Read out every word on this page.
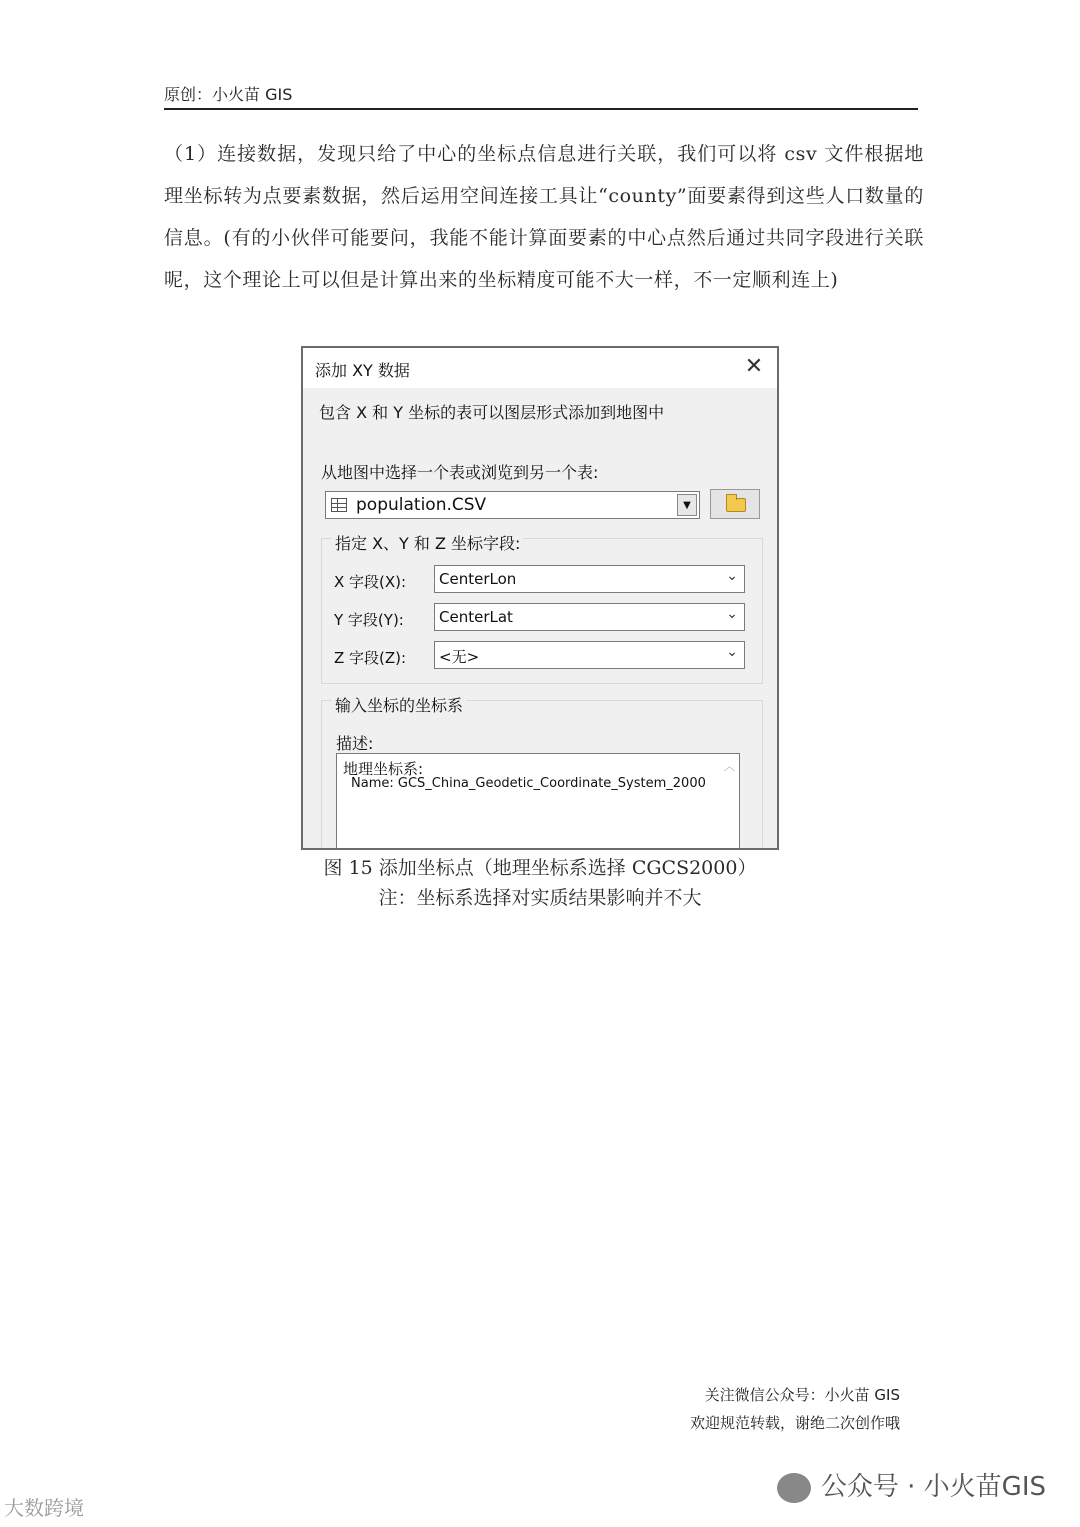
原创：小火苗 GIS

（1）连接数据，发现只给了中心的坐标点信息进行关联，我们可以将 csv 文件根据地理坐标转为点要素数据，然后运用空间连接工具让“county”面要素得到这些人口数量的信息。(有的小伙伴可能要问，我能不能计算面要素的中心点然后通过共同字段进行关联呢，这个理论上可以但是计算出来的坐标精度可能不大一样，不一定顺利连上)

添加 XY 数据	✕
包含 X 和 Y 坐标的表可以图层形式添加到地图中
从地图中选择一个表或浏览到另一个表:
population.CSV	▼
指定 X、Y 和 Z 坐标字段:
X 字段(X): CenterLon	⌄
Y 字段(Y): CenterLat	⌄
Z 字段(Z): <无>	⌄
输入坐标的坐标系
描述:
地理坐标系:
Name: GCS_China_Geodetic_Coordinate_System_2000
︿
图 15 添加坐标点（地理坐标系选择 CGCS2000）
注：坐标系选择对实质结果影响并不大
关注微信公众号：小火苗 GIS
欢迎规范转载，谢绝二次创作哦
公众号 · 小火苗GIS
大数跨境
